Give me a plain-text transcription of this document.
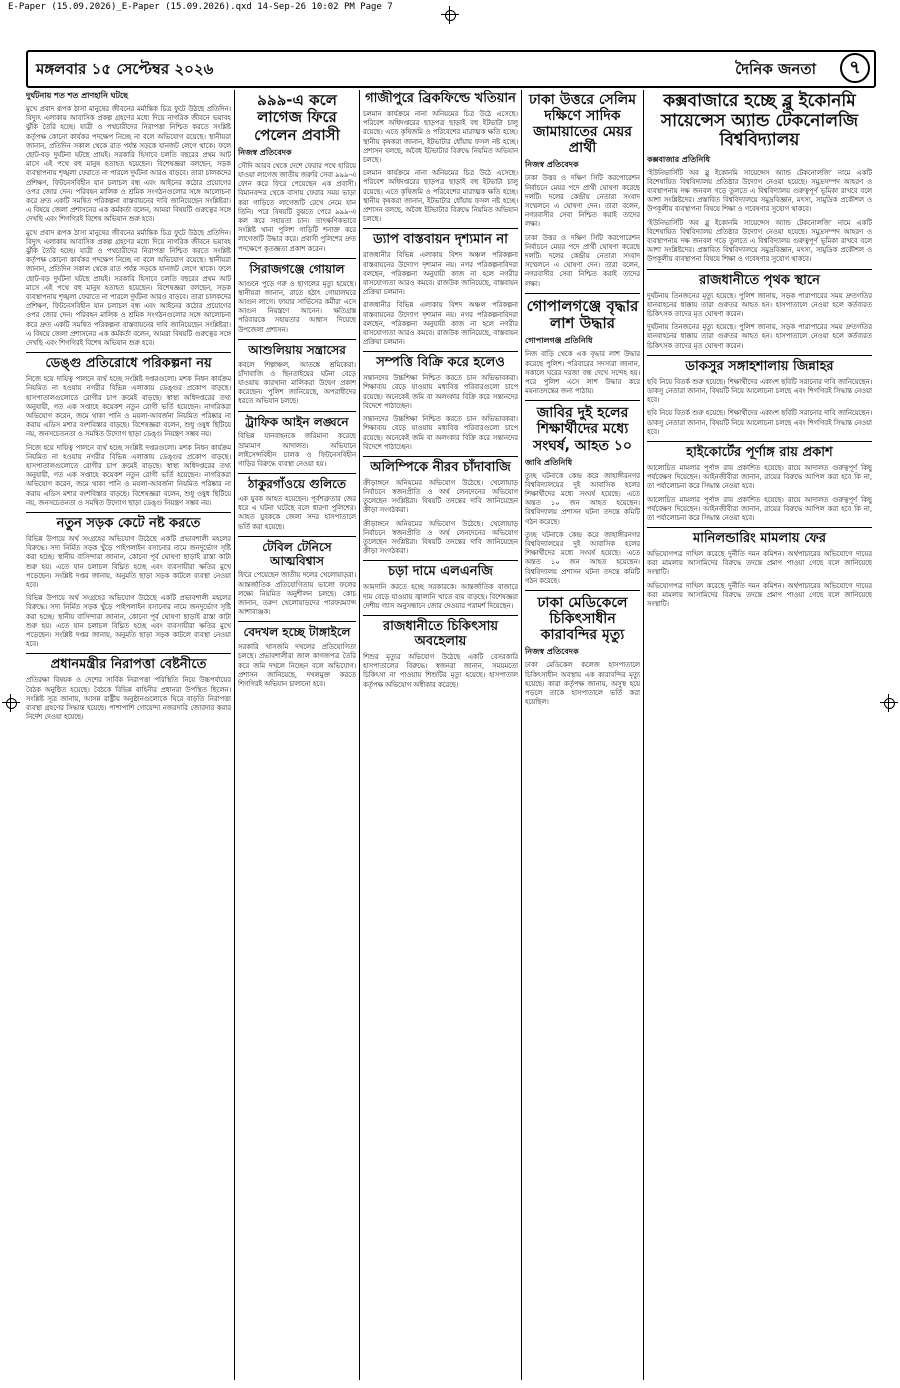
E-Paper (15.09.2026)_E-Paper (15.09.2026).qxd 14-Sep-26 10:02 PM Page 7
মঙ্গলবার ১৫ সেপ্টেম্বর ২০২৬	দৈনিক জনতা	৭
দুর্ঘটনায় শত শত প্রাণহানি ঘটছে

মুখে প্রবাদ রূপক ঠাসা মানুষের জীবনের মর্মান্তিক চিত্র ফুটে উঠছে প্রতিদিন। বিদ্যুৎ এলাকায় আবাসিক প্রকল্প গ্রহণের মধ্যে দিয়ে নাগরিক জীবনে ভয়াবহ ঝুঁকি তৈরি হচ্ছে। যাত্রী ও পথচারীদের নিরাপত্তা নিশ্চিত করতে সংশ্লিষ্ট কর্তৃপক্ষ কোনো কার্যকর পদক্ষেপ নিচ্ছে না বলে অভিযোগ রয়েছে। স্থানীয়রা জানান, প্রতিদিন সকাল থেকে রাত পর্যন্ত সড়কে যানজট লেগে থাকে। ফলে ছোট-বড় দুর্ঘটনা ঘটছে প্রায়ই। সরকারি হিসাবে চলতি বছরের প্রথম আট মাসে এই পথে বহু মানুষ হতাহত হয়েছেন। বিশেষজ্ঞরা বলছেন, সড়ক ব্যবস্থাপনায় শৃঙ্খলা ফেরাতে না পারলে দুর্ঘটনা আরও বাড়বে। তারা চালকদের প্রশিক্ষণ, ফিটনেসবিহীন যান চলাচল বন্ধ এবং আইনের কঠোর প্রয়োগের ওপর জোর দেন। পরিবহন মালিক ও শ্রমিক সংগঠনগুলোর সঙ্গে আলোচনা করে দ্রুত একটি সমন্বিত পরিকল্পনা বাস্তবায়নের দাবি জানিয়েছেন সংশ্লিষ্টরা। এ বিষয়ে জেলা প্রশাসনের এক কর্মকর্তা বলেন, আমরা বিষয়টি গুরুত্বের সঙ্গে দেখছি এবং শিগগিরই বিশেষ অভিযান শুরু হবে।

মুখে প্রবাদ রূপক ঠাসা মানুষের জীবনের মর্মান্তিক চিত্র ফুটে উঠছে প্রতিদিন। বিদ্যুৎ এলাকায় আবাসিক প্রকল্প গ্রহণের মধ্যে দিয়ে নাগরিক জীবনে ভয়াবহ ঝুঁকি তৈরি হচ্ছে। যাত্রী ও পথচারীদের নিরাপত্তা নিশ্চিত করতে সংশ্লিষ্ট কর্তৃপক্ষ কোনো কার্যকর পদক্ষেপ নিচ্ছে না বলে অভিযোগ রয়েছে। স্থানীয়রা জানান, প্রতিদিন সকাল থেকে রাত পর্যন্ত সড়কে যানজট লেগে থাকে। ফলে ছোট-বড় দুর্ঘটনা ঘটছে প্রায়ই। সরকারি হিসাবে চলতি বছরের প্রথম আট মাসে এই পথে বহু মানুষ হতাহত হয়েছেন। বিশেষজ্ঞরা বলছেন, সড়ক ব্যবস্থাপনায় শৃঙ্খলা ফেরাতে না পারলে দুর্ঘটনা আরও বাড়বে। তারা চালকদের প্রশিক্ষণ, ফিটনেসবিহীন যান চলাচল বন্ধ এবং আইনের কঠোর প্রয়োগের ওপর জোর দেন। পরিবহন মালিক ও শ্রমিক সংগঠনগুলোর সঙ্গে আলোচনা করে দ্রুত একটি সমন্বিত পরিকল্পনা বাস্তবায়নের দাবি জানিয়েছেন সংশ্লিষ্টরা। এ বিষয়ে জেলা প্রশাসনের এক কর্মকর্তা বলেন, আমরা বিষয়টি গুরুত্বের সঙ্গে দেখছি এবং শিগগিরই বিশেষ অভিযান শুরু হবে।

ডেঙ্গু প্রতিরোধে পরিকল্পনা নয়

নিজে হয়ে দায়িত্ব পালনে ব্যর্থ হচ্ছে সংশ্লিষ্ট দপ্তরগুলো। মশক নিধন কার্যক্রম নিয়মিত না হওয়ায় নগরীর বিভিন্ন এলাকায় ডেঙ্গুর প্রকোপ বাড়ছে। হাসপাতালগুলোতে রোগীর চাপ ক্রমেই বাড়ছে। স্বাস্থ্য অধিদপ্তরের তথ্য অনুযায়ী, গত এক সপ্তাহে কয়েকশ নতুন রোগী ভর্তি হয়েছেন। নাগরিকরা অভিযোগ করেন, জমে থাকা পানি ও ময়লা-আবর্জনা নিয়মিত পরিষ্কার না করায় এডিস মশার বংশবিস্তার বাড়ছে। বিশেষজ্ঞরা বলেন, শুধু ওষুধ ছিটিয়ে নয়, জনসচেতনতা ও সমন্বিত উদ্যোগ ছাড়া ডেঙ্গু নিয়ন্ত্রণ সম্ভব নয়।

নিজে হয়ে দায়িত্ব পালনে ব্যর্থ হচ্ছে সংশ্লিষ্ট দপ্তরগুলো। মশক নিধন কার্যক্রম নিয়মিত না হওয়ায় নগরীর বিভিন্ন এলাকায় ডেঙ্গুর প্রকোপ বাড়ছে। হাসপাতালগুলোতে রোগীর চাপ ক্রমেই বাড়ছে। স্বাস্থ্য অধিদপ্তরের তথ্য অনুযায়ী, গত এক সপ্তাহে কয়েকশ নতুন রোগী ভর্তি হয়েছেন। নাগরিকরা অভিযোগ করেন, জমে থাকা পানি ও ময়লা-আবর্জনা নিয়মিত পরিষ্কার না করায় এডিস মশার বংশবিস্তার বাড়ছে। বিশেষজ্ঞরা বলেন, শুধু ওষুধ ছিটিয়ে নয়, জনসচেতনতা ও সমন্বিত উদ্যোগ ছাড়া ডেঙ্গু নিয়ন্ত্রণ সম্ভব নয়।

নতুন সড়ক কেটে নষ্ট করতে

বিভিন্ন উপায়ে অর্থ সংগ্রহের অভিযোগ উঠেছে একটি প্রভাবশালী মহলের বিরুদ্ধে। সদ্য নির্মিত সড়ক খুঁড়ে পাইপলাইন বসানোর নামে জনদুর্ভোগ সৃষ্টি করা হচ্ছে। স্থানীয় বাসিন্দারা জানান, কোনো পূর্ব ঘোষণা ছাড়াই রাস্তা কাটা শুরু হয়। এতে যান চলাচল বিঘ্নিত হচ্ছে এবং ব্যবসায়ীরা ক্ষতির মুখে পড়েছেন। সংশ্লিষ্ট দপ্তর জানায়, অনুমতি ছাড়া সড়ক কাটলে ব্যবস্থা নেওয়া হবে।

বিভিন্ন উপায়ে অর্থ সংগ্রহের অভিযোগ উঠেছে একটি প্রভাবশালী মহলের বিরুদ্ধে। সদ্য নির্মিত সড়ক খুঁড়ে পাইপলাইন বসানোর নামে জনদুর্ভোগ সৃষ্টি করা হচ্ছে। স্থানীয় বাসিন্দারা জানান, কোনো পূর্ব ঘোষণা ছাড়াই রাস্তা কাটা শুরু হয়। এতে যান চলাচল বিঘ্নিত হচ্ছে এবং ব্যবসায়ীরা ক্ষতির মুখে পড়েছেন। সংশ্লিষ্ট দপ্তর জানায়, অনুমতি ছাড়া সড়ক কাটলে ব্যবস্থা নেওয়া হবে।

প্রধানমন্ত্রীর নিরাপত্তা বেষ্টনীতে

প্রতিরক্ষা বিষয়ক ও দেশের সার্বিক নিরাপত্তা পরিস্থিতি নিয়ে উচ্চপর্যায়ের বৈঠক অনুষ্ঠিত হয়েছে। বৈঠকে বিভিন্ন বাহিনীর প্রধানরা উপস্থিত ছিলেন। সংশ্লিষ্ট সূত্র জানায়, আসন্ন রাষ্ট্রীয় অনুষ্ঠানগুলোকে ঘিরে বাড়তি নিরাপত্তা ব্যবস্থা গ্রহণের সিদ্ধান্ত হয়েছে। পাশাপাশি গোয়েন্দা নজরদারি জোরদার করার নির্দেশ দেওয়া হয়েছে।

৯৯৯-এ কলে লাগেজ ফিরে পেলেন প্রবাসী
নিজস্ব প্রতিবেদক

সৌদি আরব থেকে দেশে ফেরার পথে হারিয়ে যাওয়া লাগেজ জাতীয় জরুরি সেবা ৯৯৯-এ ফোন করে ফিরে পেয়েছেন এক প্রবাসী। বিমানবন্দর থেকে বাসায় ফেরার সময় ভাড়া করা গাড়িতে লাগেজটি রেখে নেমে যান তিনি। পরে বিষয়টি বুঝতে পেরে ৯৯৯-এ কল করে সহায়তা চান। তাৎক্ষণিকভাবে সংশ্লিষ্ট থানা পুলিশ গাড়িটি শনাক্ত করে লাগেজটি উদ্ধার করে। প্রবাসী পুলিশের দ্রুত পদক্ষেপে কৃতজ্ঞতা প্রকাশ করেন।

সিরাজগঞ্জে গোয়াল

আগুনে পুড়ে গরু ও ছাগলের মৃত্যু হয়েছে। স্থানীয়রা জানান, রাতে হঠাৎ গোয়ালঘরে আগুন লাগে। ফায়ার সার্ভিসের কর্মীরা এসে আগুন নিয়ন্ত্রণে আনেন। ক্ষতিগ্রস্ত পরিবারকে সহায়তার আশ্বাস দিয়েছে উপজেলা প্রশাসন।

আশুলিয়ায় সন্ত্রাসের

কবলে শিল্পাঞ্চল, আতঙ্কে শ্রমিকেরা। চাঁদাবাজি ও ছিনতাইয়ের ঘটনা বেড়ে যাওয়ায় কারখানা মালিকরা উদ্বেগ প্রকাশ করেছেন। পুলিশ জানিয়েছে, অপরাধীদের ধরতে অভিযান চলছে।

ট্রাফিক আইন লঙ্ঘনে

বিভিন্ন যানবাহনকে জরিমানা করেছে ভ্রাম্যমাণ আদালত। অভিযানে লাইসেন্সবিহীন চালক ও ফিটনেসবিহীন গাড়ির বিরুদ্ধে ব্যবস্থা নেওয়া হয়।

ঠাকুরগাঁওয়ে গুলিতে

এক যুবক আহত হয়েছেন। পূর্বশত্রুতার জের ধরে এ ঘটনা ঘটেছে বলে ধারণা পুলিশের। আহত যুবককে জেলা সদর হাসপাতালে ভর্তি করা হয়েছে।

টেবিল টেনিসে আত্মবিশ্বাস

ফিরে পেয়েছেন জাতীয় দলের খেলোয়াড়রা। আন্তর্জাতিক প্রতিযোগিতায় ভালো ফলের লক্ষ্যে নিয়মিত অনুশীলন চলছে। কোচ জানান, তরুণ খেলোয়াড়দের পারফরম্যান্স আশাব্যঞ্জক।

বেদখল হচ্ছে টাঙ্গাইলে

সরকারি খাসজমি দখলের প্রতিযোগিতা চলছে। প্রভাবশালীরা জাল কাগজপত্র তৈরি করে জমি দখলে নিচ্ছেন বলে অভিযোগ। প্রশাসন জানিয়েছে, দখলমুক্ত করতে শিগগিরই অভিযান চালানো হবে।

গাজীপুরে ব্রিকফিল্ডে খতিয়ান

চলমান কার্যক্রমে নানা অনিয়মের চিত্র উঠে এসেছে। পরিবেশ অধিদপ্তরের ছাড়পত্র ছাড়াই বহু ইটভাটা চালু রয়েছে। এতে কৃষিজমি ও পরিবেশের মারাত্মক ক্ষতি হচ্ছে। স্থানীয় কৃষকরা জানান, ইটভাটার ধোঁয়ায় ফসল নষ্ট হচ্ছে। প্রশাসন বলছে, অবৈধ ইটভাটার বিরুদ্ধে নিয়মিত অভিযান চলছে।

চলমান কার্যক্রমে নানা অনিয়মের চিত্র উঠে এসেছে। পরিবেশ অধিদপ্তরের ছাড়পত্র ছাড়াই বহু ইটভাটা চালু রয়েছে। এতে কৃষিজমি ও পরিবেশের মারাত্মক ক্ষতি হচ্ছে। স্থানীয় কৃষকরা জানান, ইটভাটার ধোঁয়ায় ফসল নষ্ট হচ্ছে। প্রশাসন বলছে, অবৈধ ইটভাটার বিরুদ্ধে নিয়মিত অভিযান চলছে।

ড্যাপ বাস্তবায়ন দৃশ্যমান না

রাজধানীর বিভিন্ন এলাকায় বিশদ অঞ্চল পরিকল্পনা বাস্তবায়নের উদ্যোগ দৃশ্যমান নয়। নগর পরিকল্পনাবিদরা বলছেন, পরিকল্পনা অনুযায়ী কাজ না হলে নগরীর বাসযোগ্যতা আরও কমবে। রাজউক জানিয়েছে, বাস্তবায়ন প্রক্রিয়া চলমান।

রাজধানীর বিভিন্ন এলাকায় বিশদ অঞ্চল পরিকল্পনা বাস্তবায়নের উদ্যোগ দৃশ্যমান নয়। নগর পরিকল্পনাবিদরা বলছেন, পরিকল্পনা অনুযায়ী কাজ না হলে নগরীর বাসযোগ্যতা আরও কমবে। রাজউক জানিয়েছে, বাস্তবায়ন প্রক্রিয়া চলমান।

সম্পত্তি বিক্রি করে হলেও

সন্তানদের উচ্চশিক্ষা নিশ্চিত করতে চান অভিভাবকরা। শিক্ষাব্যয় বেড়ে যাওয়ায় মধ্যবিত্ত পরিবারগুলো চাপে রয়েছে। অনেকেই জমি বা অলংকার বিক্রি করে সন্তানদের বিদেশে পাঠাচ্ছেন।

সন্তানদের উচ্চশিক্ষা নিশ্চিত করতে চান অভিভাবকরা। শিক্ষাব্যয় বেড়ে যাওয়ায় মধ্যবিত্ত পরিবারগুলো চাপে রয়েছে। অনেকেই জমি বা অলংকার বিক্রি করে সন্তানদের বিদেশে পাঠাচ্ছেন।

অলিম্পিকে নীরব চাঁদাবাজি

ক্রীড়াঙ্গনে অনিয়মের অভিযোগ উঠেছে। খেলোয়াড় নির্বাচনে স্বজনপ্রীতি ও অর্থ লেনদেনের অভিযোগ তুলেছেন সংশ্লিষ্টরা। বিষয়টি তদন্তের দাবি জানিয়েছেন ক্রীড়া সংগঠকরা।

ক্রীড়াঙ্গনে অনিয়মের অভিযোগ উঠেছে। খেলোয়াড় নির্বাচনে স্বজনপ্রীতি ও অর্থ লেনদেনের অভিযোগ তুলেছেন সংশ্লিষ্টরা। বিষয়টি তদন্তের দাবি জানিয়েছেন ক্রীড়া সংগঠকরা।

চড়া দামে এলএনজি

আমদানি করতে হচ্ছে সরকারকে। আন্তর্জাতিক বাজারে দাম বেড়ে যাওয়ায় জ্বালানি খাতে ব্যয় বাড়ছে। বিশেষজ্ঞরা দেশীয় গ্যাস অনুসন্ধানে জোর দেওয়ার পরামর্শ দিয়েছেন।

রাজধানীতে চিকিৎসায় অবহেলায়

শিশুর মৃত্যুর অভিযোগ উঠেছে একটি বেসরকারি হাসপাতালের বিরুদ্ধে। স্বজনরা জানান, সময়মতো চিকিৎসা না পাওয়ায় শিশুটির মৃত্যু হয়েছে। হাসপাতাল কর্তৃপক্ষ অভিযোগ অস্বীকার করেছে।

ঢাকা উত্তরে সেলিম দক্ষিণে সাদিক জামায়াতের মেয়র প্রার্থী
নিজস্ব প্রতিবেদক

ঢাকা উত্তর ও দক্ষিণ সিটি করপোরেশন নির্বাচনে মেয়র পদে প্রার্থী ঘোষণা করেছে দলটি। দলের কেন্দ্রীয় নেতারা সংবাদ সম্মেলনে এ ঘোষণা দেন। তারা বলেন, নগরবাসীর সেবা নিশ্চিত করাই তাদের লক্ষ্য।

ঢাকা উত্তর ও দক্ষিণ সিটি করপোরেশন নির্বাচনে মেয়র পদে প্রার্থী ঘোষণা করেছে দলটি। দলের কেন্দ্রীয় নেতারা সংবাদ সম্মেলনে এ ঘোষণা দেন। তারা বলেন, নগরবাসীর সেবা নিশ্চিত করাই তাদের লক্ষ্য।

গোপালগঞ্জে বৃদ্ধার লাশ উদ্ধার
গোপালগঞ্জ প্রতিনিধি

নিজ বাড়ি থেকে এক বৃদ্ধার লাশ উদ্ধার করেছে পুলিশ। পরিবারের সদস্যরা জানান, সকালে ঘরের দরজা বন্ধ দেখে সন্দেহ হয়। পরে পুলিশ এসে লাশ উদ্ধার করে ময়নাতদন্তের জন্য পাঠায়।

জাবির দুই হলের শিক্ষার্থীদের মধ্যে সংঘর্ষ, আহত ১০
জাবি প্রতিনিধি

তুচ্ছ ঘটনাকে কেন্দ্র করে জাহাঙ্গীরনগর বিশ্ববিদ্যালয়ের দুই আবাসিক হলের শিক্ষার্থীদের মধ্যে সংঘর্ষ হয়েছে। এতে অন্তত ১০ জন আহত হয়েছেন। বিশ্ববিদ্যালয় প্রশাসন ঘটনা তদন্তে কমিটি গঠন করেছে।

তুচ্ছ ঘটনাকে কেন্দ্র করে জাহাঙ্গীরনগর বিশ্ববিদ্যালয়ের দুই আবাসিক হলের শিক্ষার্থীদের মধ্যে সংঘর্ষ হয়েছে। এতে অন্তত ১০ জন আহত হয়েছেন। বিশ্ববিদ্যালয় প্রশাসন ঘটনা তদন্তে কমিটি গঠন করেছে।

ঢাকা মেডিকেলে চিকিৎসাধীন কারাবন্দির মৃত্যু
নিজস্ব প্রতিবেদক

ঢাকা মেডিকেল কলেজ হাসপাতালে চিকিৎসাধীন অবস্থায় এক কারাবন্দির মৃত্যু হয়েছে। কারা কর্তৃপক্ষ জানায়, অসুস্থ হয়ে পড়লে তাকে হাসপাতালে ভর্তি করা হয়েছিল।

কক্সবাজারে হচ্ছে ব্লু ইকোনমি সায়েন্সেস অ্যান্ড টেকনোলজি বিশ্ববিদ্যালয়
কক্সবাজার প্রতিনিধি

‘ইউনিভার্সিটি অব ব্লু ইকোনমি সায়েন্সেস অ্যান্ড টেকনোলজি’ নামে একটি বিশেষায়িত বিশ্ববিদ্যালয় প্রতিষ্ঠার উদ্যোগ নেওয়া হয়েছে। সমুদ্রসম্পদ আহরণ ও ব্যবস্থাপনায় দক্ষ জনবল গড়ে তুলতে এ বিশ্ববিদ্যালয় গুরুত্বপূর্ণ ভূমিকা রাখবে বলে আশা সংশ্লিষ্টদের। প্রস্তাবিত বিশ্ববিদ্যালয়ে সমুদ্রবিজ্ঞান, মৎস্য, সামুদ্রিক প্রকৌশল ও উপকূলীয় ব্যবস্থাপনা বিষয়ে শিক্ষা ও গবেষণার সুযোগ থাকবে।

‘ইউনিভার্সিটি অব ব্লু ইকোনমি সায়েন্সেস অ্যান্ড টেকনোলজি’ নামে একটি বিশেষায়িত বিশ্ববিদ্যালয় প্রতিষ্ঠার উদ্যোগ নেওয়া হয়েছে। সমুদ্রসম্পদ আহরণ ও ব্যবস্থাপনায় দক্ষ জনবল গড়ে তুলতে এ বিশ্ববিদ্যালয় গুরুত্বপূর্ণ ভূমিকা রাখবে বলে আশা সংশ্লিষ্টদের। প্রস্তাবিত বিশ্ববিদ্যালয়ে সমুদ্রবিজ্ঞান, মৎস্য, সামুদ্রিক প্রকৌশল ও উপকূলীয় ব্যবস্থাপনা বিষয়ে শিক্ষা ও গবেষণার সুযোগ থাকবে।

রাজধানীতে পৃথক স্থানে

দুর্ঘটনায় তিনজনের মৃত্যু হয়েছে। পুলিশ জানায়, সড়ক পারাপারের সময় দ্রুতগতির যানবাহনের ধাক্কায় তারা গুরুতর আহত হন। হাসপাতালে নেওয়া হলে কর্তব্যরত চিকিৎসক তাদের মৃত ঘোষণা করেন।

দুর্ঘটনায় তিনজনের মৃত্যু হয়েছে। পুলিশ জানায়, সড়ক পারাপারের সময় দ্রুতগতির যানবাহনের ধাক্কায় তারা গুরুতর আহত হন। হাসপাতালে নেওয়া হলে কর্তব্যরত চিকিৎসক তাদের মৃত ঘোষণা করেন।

ডাকসুর সঙ্গাহশালায় জিন্নাহর

ছবি নিয়ে বিতর্ক শুরু হয়েছে। শিক্ষার্থীদের একাংশ ছবিটি সরানোর দাবি জানিয়েছেন। ডাকসু নেতারা জানান, বিষয়টি নিয়ে আলোচনা চলছে এবং শিগগিরই সিদ্ধান্ত নেওয়া হবে।

ছবি নিয়ে বিতর্ক শুরু হয়েছে। শিক্ষার্থীদের একাংশ ছবিটি সরানোর দাবি জানিয়েছেন। ডাকসু নেতারা জানান, বিষয়টি নিয়ে আলোচনা চলছে এবং শিগগিরই সিদ্ধান্ত নেওয়া হবে।

হাইকোর্টের পূর্ণাঙ্গ রায় প্রকাশ

আলোচিত মামলার পূর্ণাঙ্গ রায় প্রকাশিত হয়েছে। রায়ে আদালত গুরুত্বপূর্ণ কিছু পর্যবেক্ষণ দিয়েছেন। আইনজীবীরা জানান, রায়ের বিরুদ্ধে আপিল করা হবে কি না, তা পর্যালোচনা করে সিদ্ধান্ত নেওয়া হবে।

আলোচিত মামলার পূর্ণাঙ্গ রায় প্রকাশিত হয়েছে। রায়ে আদালত গুরুত্বপূর্ণ কিছু পর্যবেক্ষণ দিয়েছেন। আইনজীবীরা জানান, রায়ের বিরুদ্ধে আপিল করা হবে কি না, তা পর্যালোচনা করে সিদ্ধান্ত নেওয়া হবে।

মানিলন্ডারিং মামলায় ফের

অভিযোগপত্র দাখিল করেছে দুর্নীতি দমন কমিশন। অর্থপাচারের অভিযোগে দায়ের করা মামলায় আসামিদের বিরুদ্ধে তদন্তে প্রমাণ পাওয়া গেছে বলে জানিয়েছে সংস্থাটি।

অভিযোগপত্র দাখিল করেছে দুর্নীতি দমন কমিশন। অর্থপাচারের অভিযোগে দায়ের করা মামলায় আসামিদের বিরুদ্ধে তদন্তে প্রমাণ পাওয়া গেছে বলে জানিয়েছে সংস্থাটি।
